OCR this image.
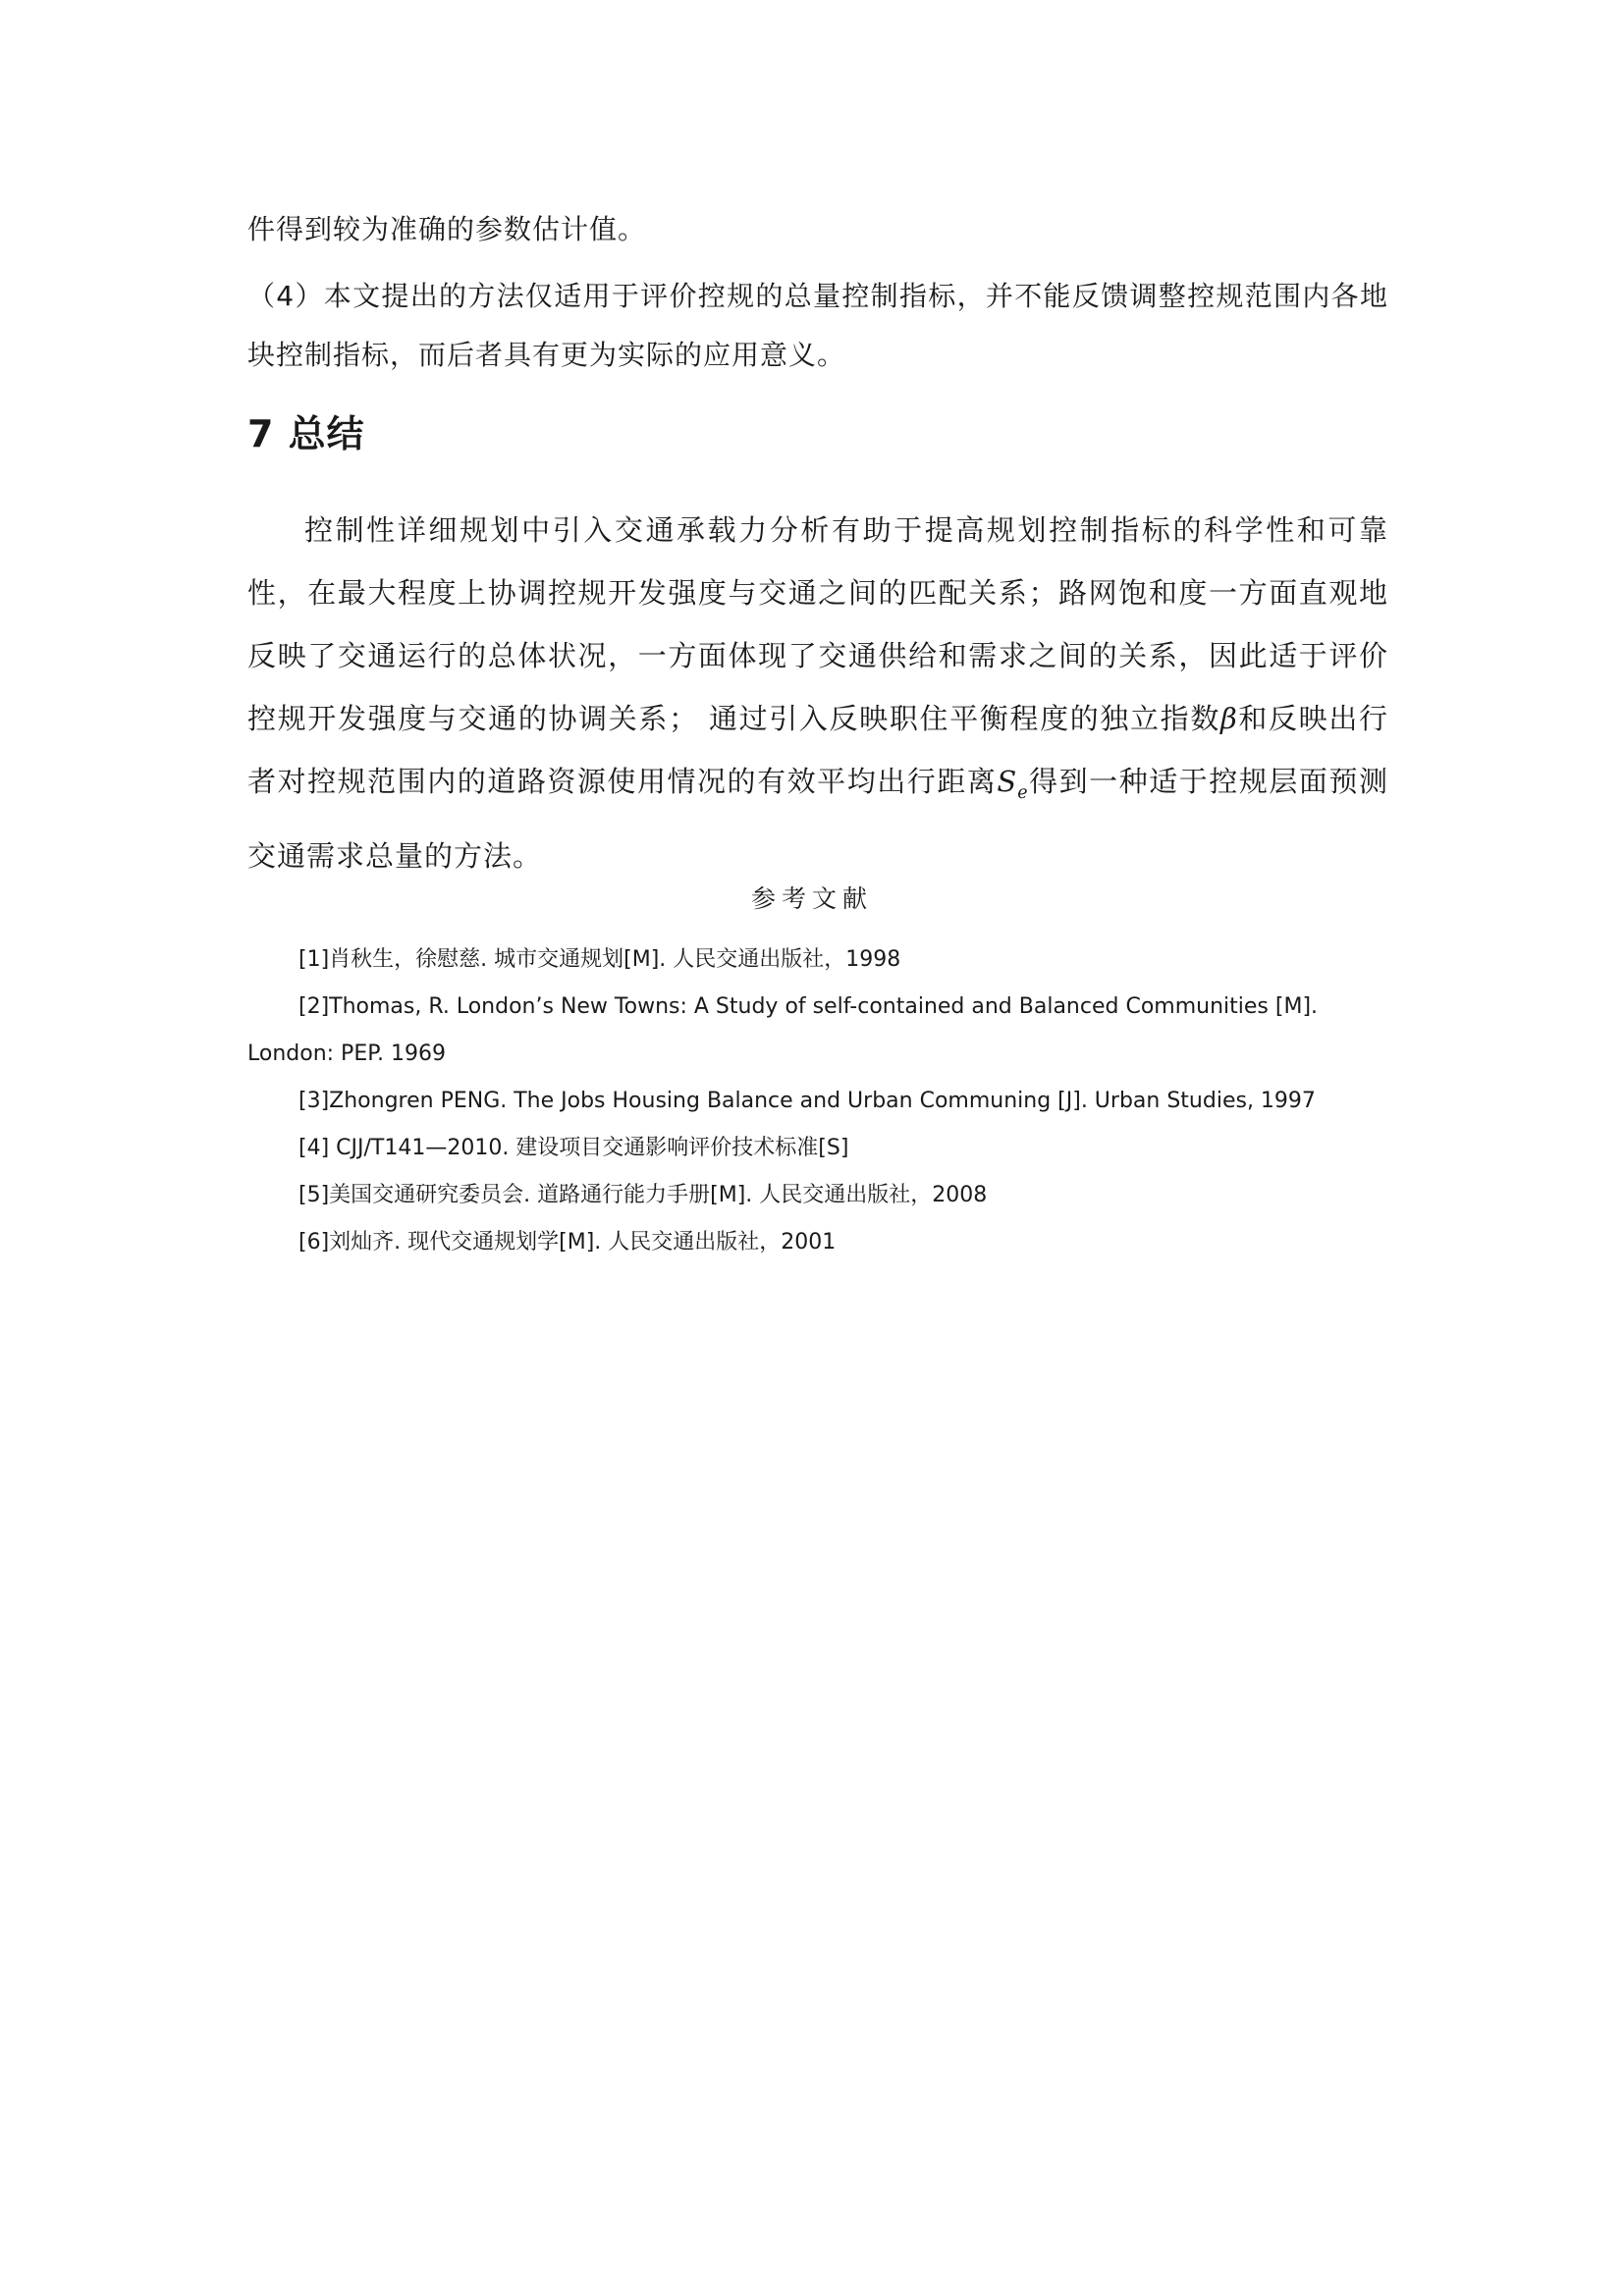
件得到较为准确的参数估计值。
（4）本文提出的方法仅适用于评价控规的总量控制指标，并不能反馈调整控规范围内各地块控制指标，而后者具有更为实际的应用意义。
7 总结
控制性详细规划中引入交通承载力分析有助于提高规划控制指标的科学性和可靠性，在最大程度上协调控规开发强度与交通之间的匹配关系；路网饱和度一方面直观地反映了交通运行的总体状况，一方面体现了交通供给和需求之间的关系，因此适于评价控规开发强度与交通的协调关系； 通过引入反映职住平衡程度的独立指数β和反映出行者对控规范围内的道路资源使用情况的有效平均出行距离$S_e$得到一种适于控规层面预测交通需求总量的方法。
参考文献

[1]肖秋生，徐慰慈. 城市交通规划[M]. 人民交通出版社，1998

[2]Thomas, R. London’s New Towns: A Study of self-contained and Balanced Communities [M]. London: PEP. 1969

[3]Zhongren PENG. The Jobs Housing Balance and Urban Communing [J]. Urban Studies, 1997

[4] CJJ/T141—2010. 建设项目交通影响评价技术标准[S]

[5]美国交通研究委员会. 道路通行能力手册[M]. 人民交通出版社，2008

[6]刘灿齐. 现代交通规划学[M]. 人民交通出版社，2001
